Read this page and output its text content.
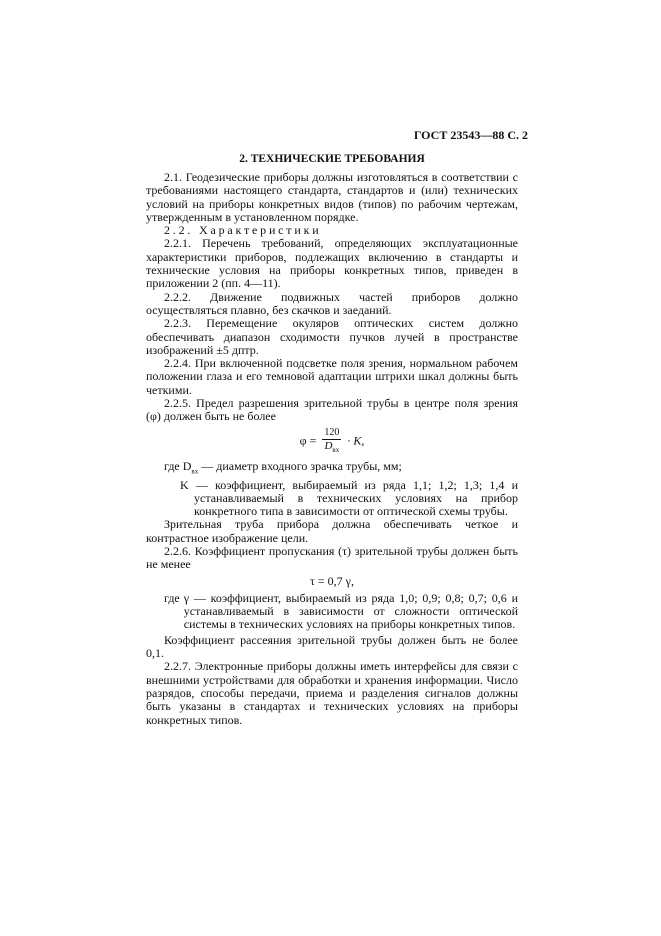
ГОСТ 23543—88 С. 2
2. ТЕХНИЧЕСКИЕ ТРЕБОВАНИЯ

2.1. Геодезические приборы должны изготовляться в соответствии с требованиями настоящего стандарта, стандартов и (или) технических условий на приборы конкретных видов (типов) по рабочим чертежам, утвержденным в установленном порядке.

2.2. Характеристики

2.2.1. Перечень требований, определяющих эксплуатационные характеристики приборов, подлежащих включению в стандарты и технические условия на приборы конкретных типов, приведен в приложении 2 (пп. 4—11).

2.2.2. Движение подвижных частей приборов должно осуществляться плавно, без скачков и заеданий.

2.2.3. Перемещение окуляров оптических систем должно обеспечивать диапазон сходимости пучков лучей в пространстве изображений ±5 дптр.

2.2.4. При включенной подсветке поля зрения, нормальном рабочем положении глаза и его темновой адаптации штрихи шкал должны быть четкими.

2.2.5. Предел разрешения зрительной трубы в центре поля зрения (φ) должен быть не более

$\varphi = \frac{120}{D_{вх}} \cdot K$,

где $D_{вх}$ — диаметр входного зрачка трубы, мм;

K — коэффициент, выбираемый из ряда 1,1; 1,2; 1,3; 1,4 и устанавливаемый в технических условиях на прибор конкретного типа в зависимости от оптической схемы трубы.

Зрительная труба прибора должна обеспечивать четкое и контрастное изображение цели.

2.2.6. Коэффициент пропускания (τ) зрительной трубы должен быть не менее

τ = 0,7 γ,
где γ — коэффициент, выбираемый из ряда 1,0; 0,9; 0,8; 0,7; 0,6 и устанавливаемый в зависимости от сложности оптической системы в технических условиях на приборы конкретных типов.

Коэффициент рассеяния зрительной трубы должен быть не более 0,1.

2.2.7. Электронные приборы должны иметь интерфейсы для связи с внешними устройствами для обработки и хранения информации. Число разрядов, способы передачи, приема и разделения сигналов должны быть указаны в стандартах и технических условиях на приборы конкретных типов.
